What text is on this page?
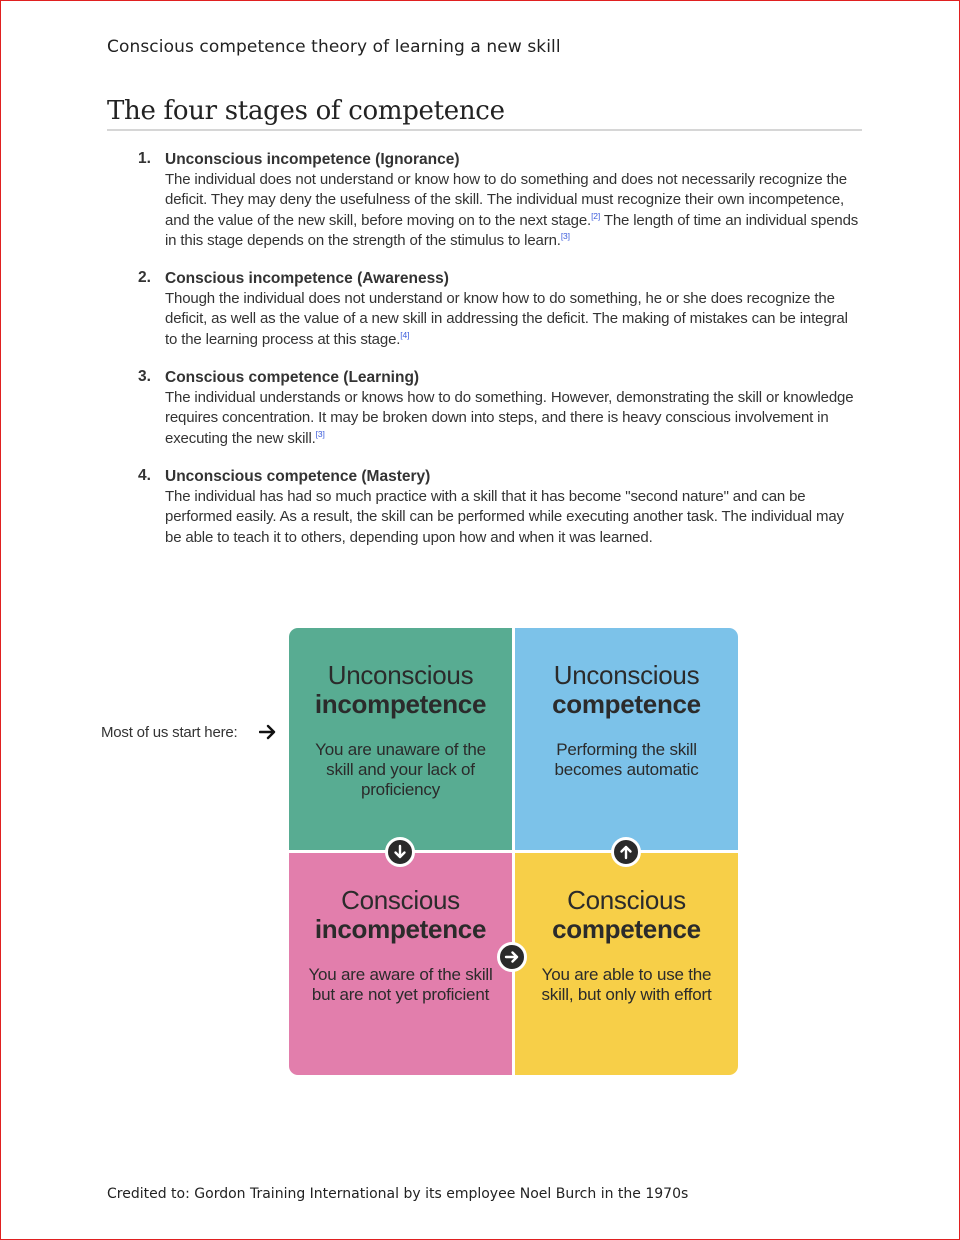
Conscious competence theory of learning a new skill
The four stages of competence
1. Unconscious incompetence (Ignorance)
The individual does not understand or know how to do something and does not necessarily recognize the deficit. They may deny the usefulness of the skill. The individual must recognize their own incompetence, and the value of the new skill, before moving on to the next stage.[2] The length of time an individual spends in this stage depends on the strength of the stimulus to learn.[3]
2. Conscious incompetence (Awareness)
Though the individual does not understand or know how to do something, he or she does recognize the deficit, as well as the value of a new skill in addressing the deficit. The making of mistakes can be integral to the learning process at this stage.[4]
3. Conscious competence (Learning)
The individual understands or knows how to do something. However, demonstrating the skill or knowledge requires concentration. It may be broken down into steps, and there is heavy conscious involvement in executing the new skill.[3]
4. Unconscious competence (Mastery)
The individual has had so much practice with a skill that it has become "second nature" and can be performed easily. As a result, the skill can be performed while executing another task. The individual may be able to teach it to others, depending upon how and when it was learned.
Most of us start here:
Unconscious
incompetence
You are unaware of the skill and your lack of proficiency
Unconscious
competence
Performing the skill becomes automatic
Conscious
incompetence
You are aware of the skill but are not yet proficient
Conscious
competence
You are able to use the skill, but only with effort
Credited to: Gordon Training International by its employee Noel Burch in the 1970s
